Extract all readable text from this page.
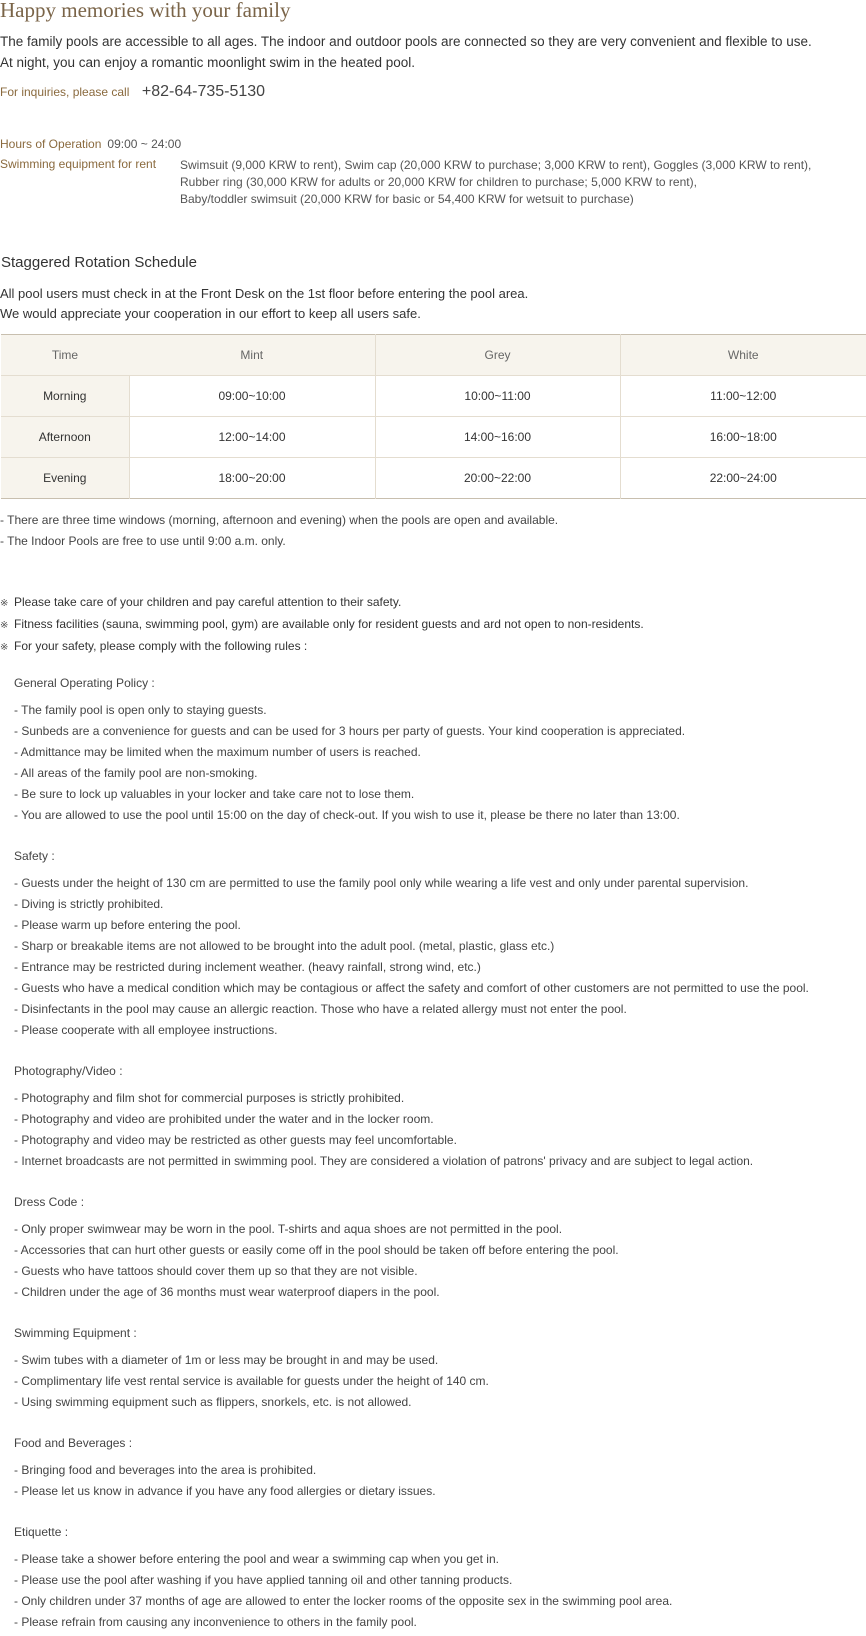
Happy memories with your family
The family pools are accessible to all ages. The indoor and outdoor pools are connected so they are very convenient and flexible to use.
At night, you can enjoy a romantic moonlight swim in the heated pool.
For inquiries, please call +82-64-735-5130
Hours of Operation 09:00 ~ 24:00
Swimming equipment for rent Swimsuit (9,000 KRW to rent), Swim cap (20,000 KRW to purchase; 3,000 KRW to rent), Goggles (3,000 KRW to rent),
Rubber ring (30,000 KRW for adults or 20,000 KRW for children to purchase; 5,000 KRW to rent),
Baby/toddler swimsuit (20,000 KRW for basic or 54,400 KRW for wetsuit to purchase)
Staggered Rotation Schedule
All pool users must check in at the Front Desk on the 1st floor before entering the pool area.
We would appreciate your cooperation in our effort to keep all users safe.
Time	Mint	Grey	White
Morning	09:00~10:00	10:00~11:00	11:00~12:00
Afternoon	12:00~14:00	14:00~16:00	16:00~18:00
Evening	18:00~20:00	20:00~22:00	22:00~24:00
- There are three time windows (morning, afternoon and evening) when the pools are open and available.
- The Indoor Pools are free to use until 9:00 a.m. only.
※ Please take care of your children and pay careful attention to their safety.
※ Fitness facilities (sauna, swimming pool, gym) are available only for resident guests and ard not open to non-residents.
※ For your safety, please comply with the following rules :
General Operating Policy :
- The family pool is open only to staying guests.
- Sunbeds are a convenience for guests and can be used for 3 hours per party of guests. Your kind cooperation is appreciated.
- Admittance may be limited when the maximum number of users is reached.
- All areas of the family pool are non-smoking.
- Be sure to lock up valuables in your locker and take care not to lose them.
- You are allowed to use the pool until 15:00 on the day of check-out. If you wish to use it, please be there no later than 13:00.
Safety :
- Guests under the height of 130 cm are permitted to use the family pool only while wearing a life vest and only under parental supervision.
- Diving is strictly prohibited.
- Please warm up before entering the pool.
- Sharp or breakable items are not allowed to be brought into the adult pool. (metal, plastic, glass etc.)
- Entrance may be restricted during inclement weather. (heavy rainfall, strong wind, etc.)
- Guests who have a medical condition which may be contagious or affect the safety and comfort of other customers are not permitted to use the pool.
- Disinfectants in the pool may cause an allergic reaction. Those who have a related allergy must not enter the pool.
- Please cooperate with all employee instructions.
Photography/Video :
- Photography and film shot for commercial purposes is strictly prohibited.
- Photography and video are prohibited under the water and in the locker room.
- Photography and video may be restricted as other guests may feel uncomfortable.
- Internet broadcasts are not permitted in swimming pool. They are considered a violation of patrons' privacy and are subject to legal action.
Dress Code :
- Only proper swimwear may be worn in the pool. T-shirts and aqua shoes are not permitted in the pool.
- Accessories that can hurt other guests or easily come off in the pool should be taken off before entering the pool.
- Guests who have tattoos should cover them up so that they are not visible.
- Children under the age of 36 months must wear waterproof diapers in the pool.
Swimming Equipment :
- Swim tubes with a diameter of 1m or less may be brought in and may be used.
- Complimentary life vest rental service is available for guests under the height of 140 cm.
- Using swimming equipment such as flippers, snorkels, etc. is not allowed.
Food and Beverages :
- Bringing food and beverages into the area is prohibited.
- Please let us know in advance if you have any food allergies or dietary issues.
Etiquette :
- Please take a shower before entering the pool and wear a swimming cap when you get in.
- Please use the pool after washing if you have applied tanning oil and other tanning products.
- Only children under 37 months of age are allowed to enter the locker rooms of the opposite sex in the swimming pool area.
- Please refrain from causing any inconvenience to others in the family pool.
